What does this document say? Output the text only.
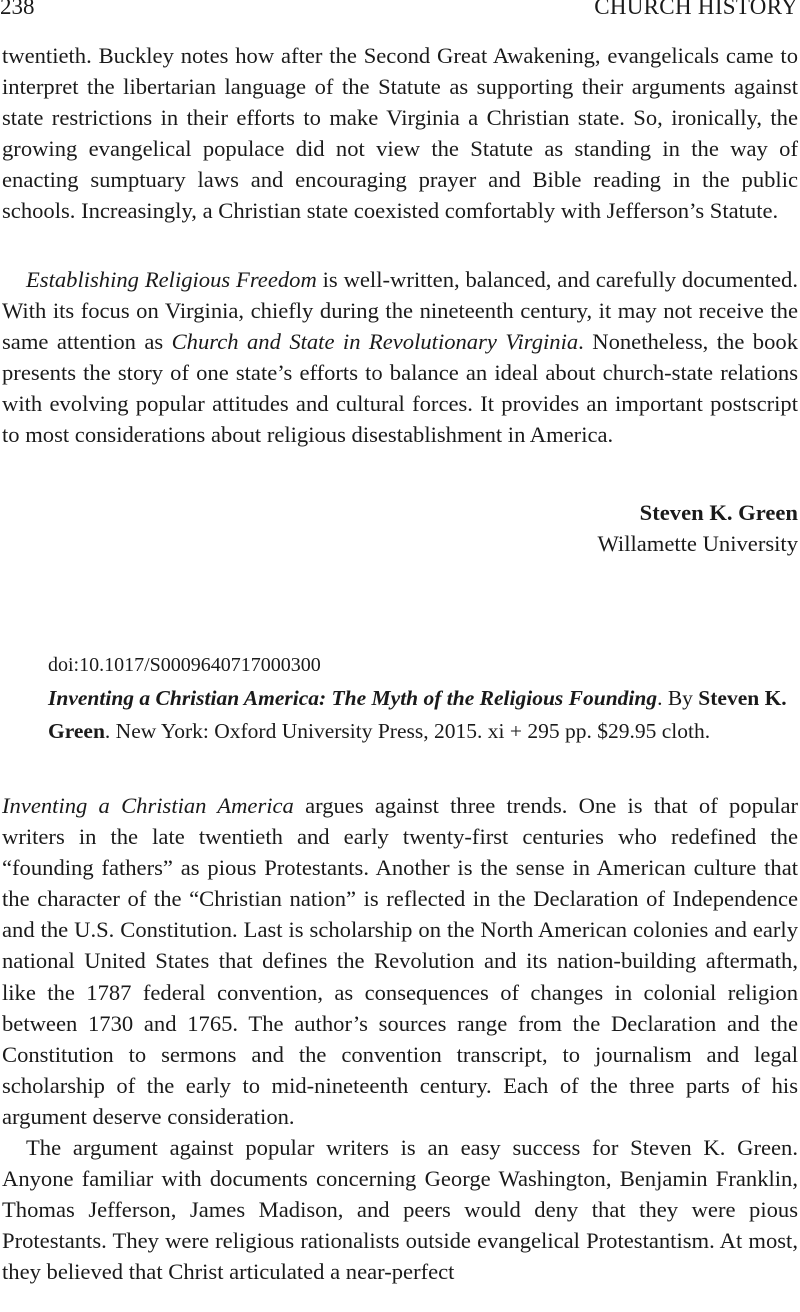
238	CHURCH HISTORY

twentieth. Buckley notes how after the Second Great Awakening, evangelicals came to interpret the libertarian language of the Statute as supporting their arguments against state restrictions in their efforts to make Virginia a Christian state. So, ironically, the growing evangelical populace did not view the Statute as standing in the way of enacting sumptuary laws and encouraging prayer and Bible reading in the public schools. Increasingly, a Christian state coexisted comfortably with Jefferson’s Statute.

Establishing Religious Freedom is well-written, balanced, and carefully documented. With its focus on Virginia, chiefly during the nineteenth century, it may not receive the same attention as Church and State in Revolutionary Virginia. Nonetheless, the book presents the story of one state’s efforts to balance an ideal about church-state relations with evolving popular attitudes and cultural forces. It provides an important postscript to most considerations about religious disestablishment in America.

Steven K. Green
Willamette University
doi:10.1017/S0009640717000300
Inventing a Christian America: The Myth of the Religious Founding. By Steven K. Green. New York: Oxford University Press, 2015. xi + 295 pp. $29.95 cloth.

Inventing a Christian America argues against three trends. One is that of popular writers in the late twentieth and early twenty-first centuries who redefined the “founding fathers” as pious Protestants. Another is the sense in American culture that the character of the “Christian nation” is reflected in the Declaration of Independence and the U.S. Constitution. Last is scholarship on the North American colonies and early national United States that defines the Revolution and its nation-building aftermath, like the 1787 federal convention, as consequences of changes in colonial religion between 1730 and 1765. The author’s sources range from the Declaration and the Constitution to sermons and the convention transcript, to journalism and legal scholarship of the early to mid-nineteenth century. Each of the three parts of his argument deserve consideration.

The argument against popular writers is an easy success for Steven K. Green. Anyone familiar with documents concerning George Washington, Benjamin Franklin, Thomas Jefferson, James Madison, and peers would deny that they were pious Protestants. They were religious rationalists outside evangelical Protestantism. At most, they believed that Christ articulated a near-perfect
